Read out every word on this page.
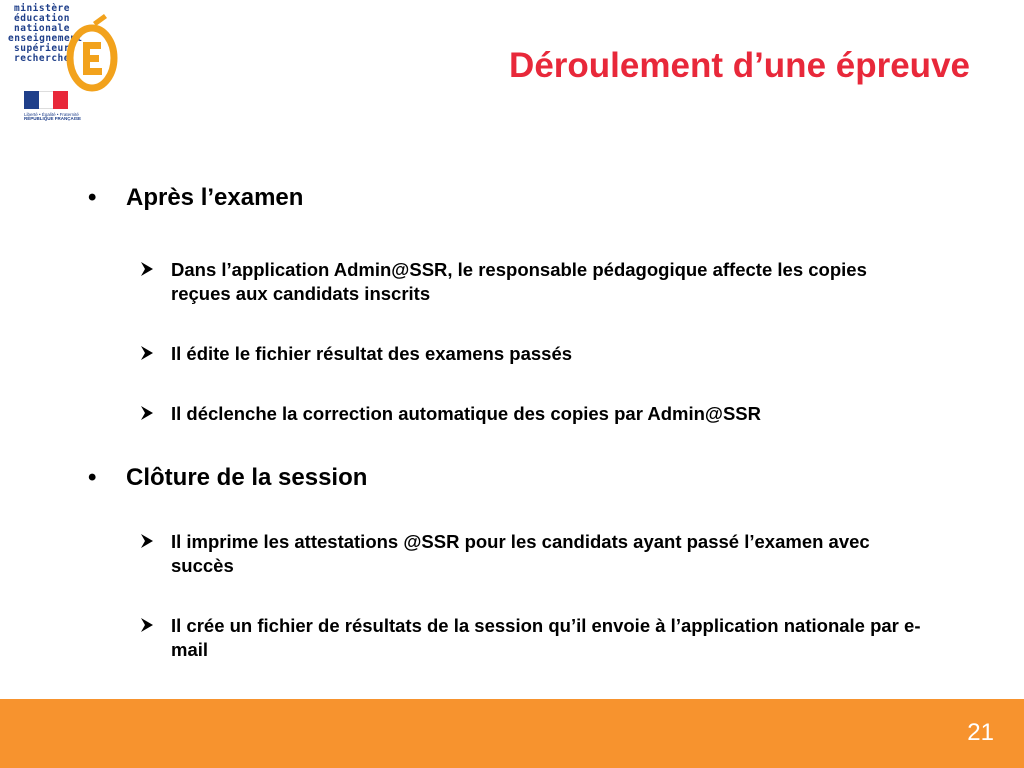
ministère
éducation
nationale
enseignement
supérieur
recherche
Liberté • Égalité • Fraternité
RÉPUBLIQUE FRANÇAISE
Déroulement d’une épreuve
• Après l’examen
Dans l’application Admin@SSR, le responsable pédagogique affecte les copies reçues aux candidats inscrits
Il édite le fichier résultat des examens passés
Il déclenche la correction automatique des copies par Admin@SSR
• Clôture de la session
Il imprime les attestations @SSR pour les candidats ayant passé l’examen avec succès
Il crée un fichier de résultats de la session qu’il envoie à l’application nationale par e-mail
21
